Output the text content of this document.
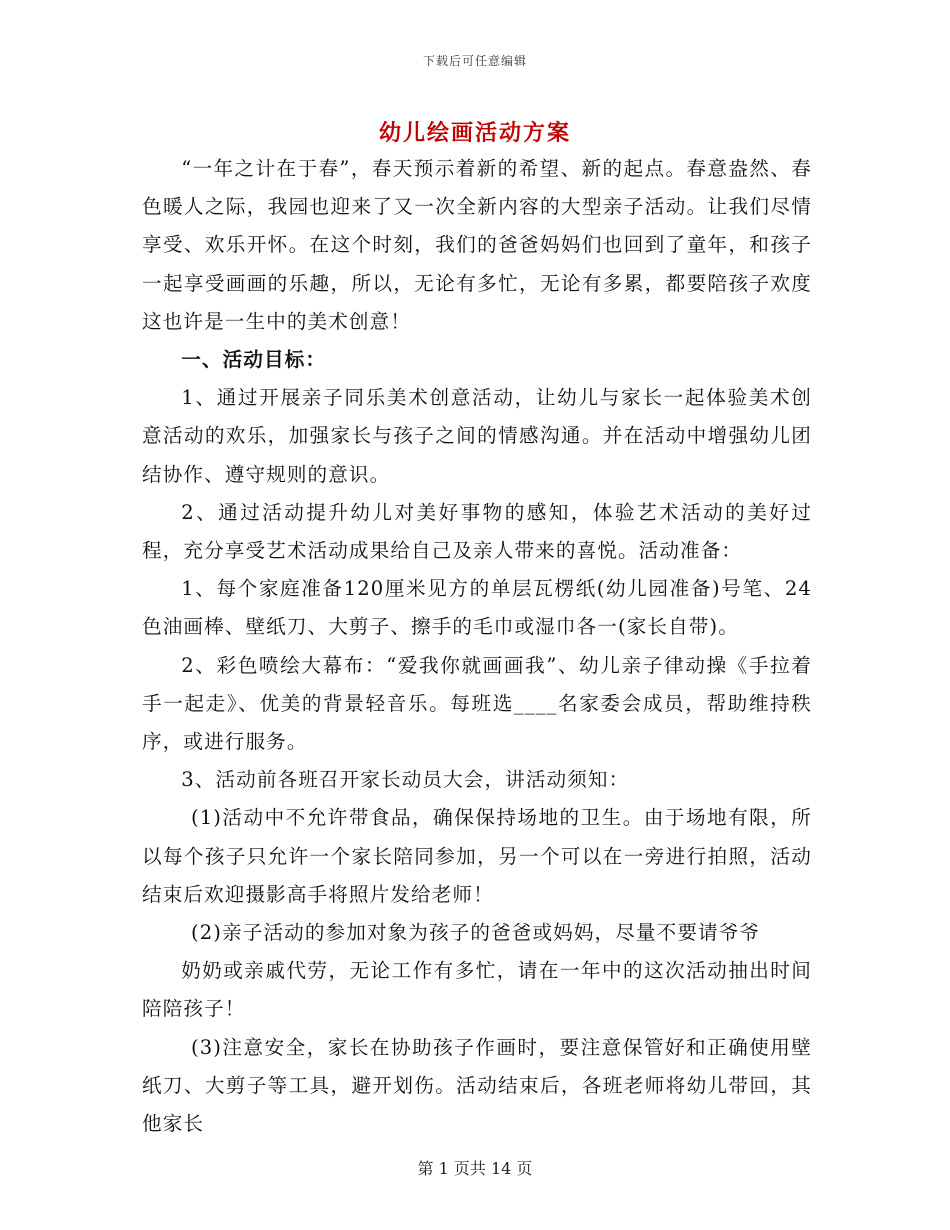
下载后可任意编辑
幼儿绘画活动方案

“一年之计在于春”，春天预示着新的希望、新的起点。春意盎然、春色暖人之际，我园也迎来了又一次全新内容的大型亲子活动。让我们尽情享受、欢乐开怀。在这个时刻，我们的爸爸妈妈们也回到了童年，和孩子一起享受画画的乐趣，所以，无论有多忙，无论有多累，都要陪孩子欢度这也许是一生中的美术创意！

一、活动目标：

1、通过开展亲子同乐美术创意活动，让幼儿与家长一起体验美术创意活动的欢乐，加强家长与孩子之间的情感沟通。并在活动中增强幼儿团结协作、遵守规则的意识。

2、通过活动提升幼儿对美好事物的感知，体验艺术活动的美好过程，充分享受艺术活动成果给自己及亲人带来的喜悦。活动准备：

1、每个家庭准备120厘米见方的单层瓦楞纸(幼儿园准备)号笔、24色油画棒、壁纸刀、大剪子、擦手的毛巾或湿巾各一(家长自带)。

2、彩色喷绘大幕布：“爱我你就画画我”、幼儿亲子律动操《手拉着手一起走》、优美的背景轻音乐。每班选____名家委会成员，帮助维持秩序，或进行服务。

3、活动前各班召开家长动员大会，讲活动须知：

(1)活动中不允许带食品，确保保持场地的卫生。由于场地有限，所以每个孩子只允许一个家长陪同参加，另一个可以在一旁进行拍照，活动结束后欢迎摄影高手将照片发给老师！

(2)亲子活动的参加对象为孩子的爸爸或妈妈，尽量不要请爷爷

奶奶或亲戚代劳，无论工作有多忙，请在一年中的这次活动抽出时间陪陪孩子！

(3)注意安全，家长在协助孩子作画时，要注意保管好和正确使用壁纸刀、大剪子等工具，避开划伤。活动结束后，各班老师将幼儿带回，其他家长

第 1 页共 14 页
